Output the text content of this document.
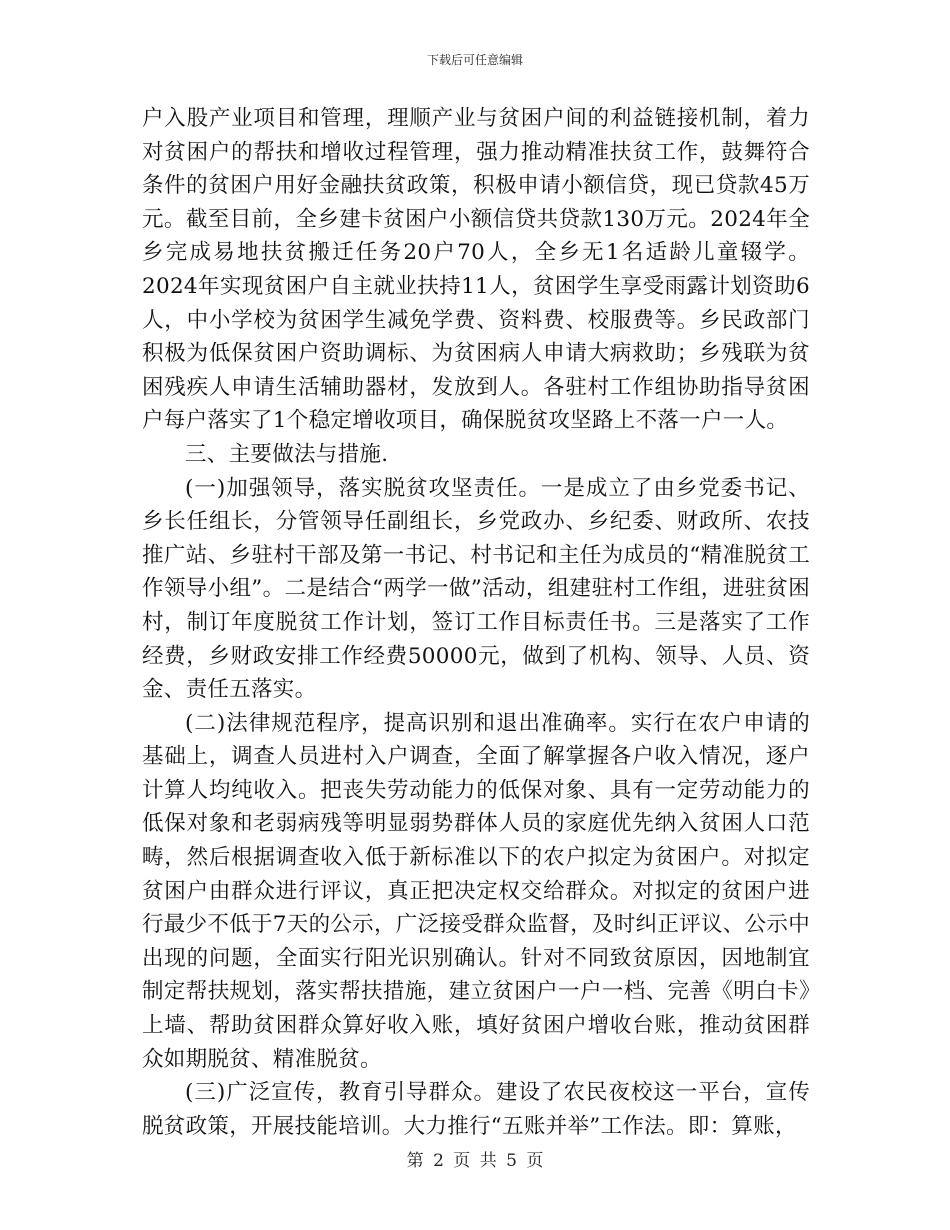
下载后可任意编辑

户入股产业项目和管理，理顺产业与贫困户间的利益链接机制，着力对贫困户的帮扶和增收过程管理，强力推动精准扶贫工作，鼓舞符合条件的贫困户用好金融扶贫政策，积极申请小额信贷，现已贷款45万元。截至目前，全乡建卡贫困户小额信贷共贷款130万元。2024年全乡完成易地扶贫搬迁任务20户70人，全乡无1名适龄儿童辍学。2024年实现贫困户自主就业扶持11人，贫困学生享受雨露计划资助6人，中小学校为贫困学生减免学费、资料费、校服费等。乡民政部门积极为低保贫困户资助调标、为贫困病人申请大病救助；乡残联为贫困残疾人申请生活辅助器材，发放到人。各驻村工作组协助指导贫困户每户落实了1个稳定增收项目，确保脱贫攻坚路上不落一户一人。

三、主要做法与措施.

(一)加强领导，落实脱贫攻坚责任。一是成立了由乡党委书记、乡长任组长，分管领导任副组长，乡党政办、乡纪委、财政所、农技推广站、乡驻村干部及第一书记、村书记和主任为成员的“精准脱贫工作领导小组”。二是结合“两学一做”活动，组建驻村工作组，进驻贫困村，制订年度脱贫工作计划，签订工作目标责任书。三是落实了工作经费，乡财政安排工作经费50000元，做到了机构、领导、人员、资金、责任五落实。

(二)法律规范程序，提高识别和退出准确率。实行在农户申请的基础上，调查人员进村入户调查，全面了解掌握各户收入情况，逐户计算人均纯收入。把丧失劳动能力的低保对象、具有一定劳动能力的低保对象和老弱病残等明显弱势群体人员的家庭优先纳入贫困人口范畴，然后根据调查收入低于新标准以下的农户拟定为贫困户。对拟定贫困户由群众进行评议，真正把决定权交给群众。对拟定的贫困户进行最少不低于7天的公示，广泛接受群众监督，及时纠正评议、公示中出现的问题，全面实行阳光识别确认。针对不同致贫原因，因地制宜制定帮扶规划，落实帮扶措施，建立贫困户一户一档、完善《明白卡》上墙、帮助贫困群众算好收入账，填好贫困户增收台账，推动贫困群众如期脱贫、精准脱贫。

(三)广泛宣传，教育引导群众。建设了农民夜校这一平台，宣传脱贫政策，开展技能培训。大力推行“五账并举”工作法。即：算账，

第 2 页 共 5 页
